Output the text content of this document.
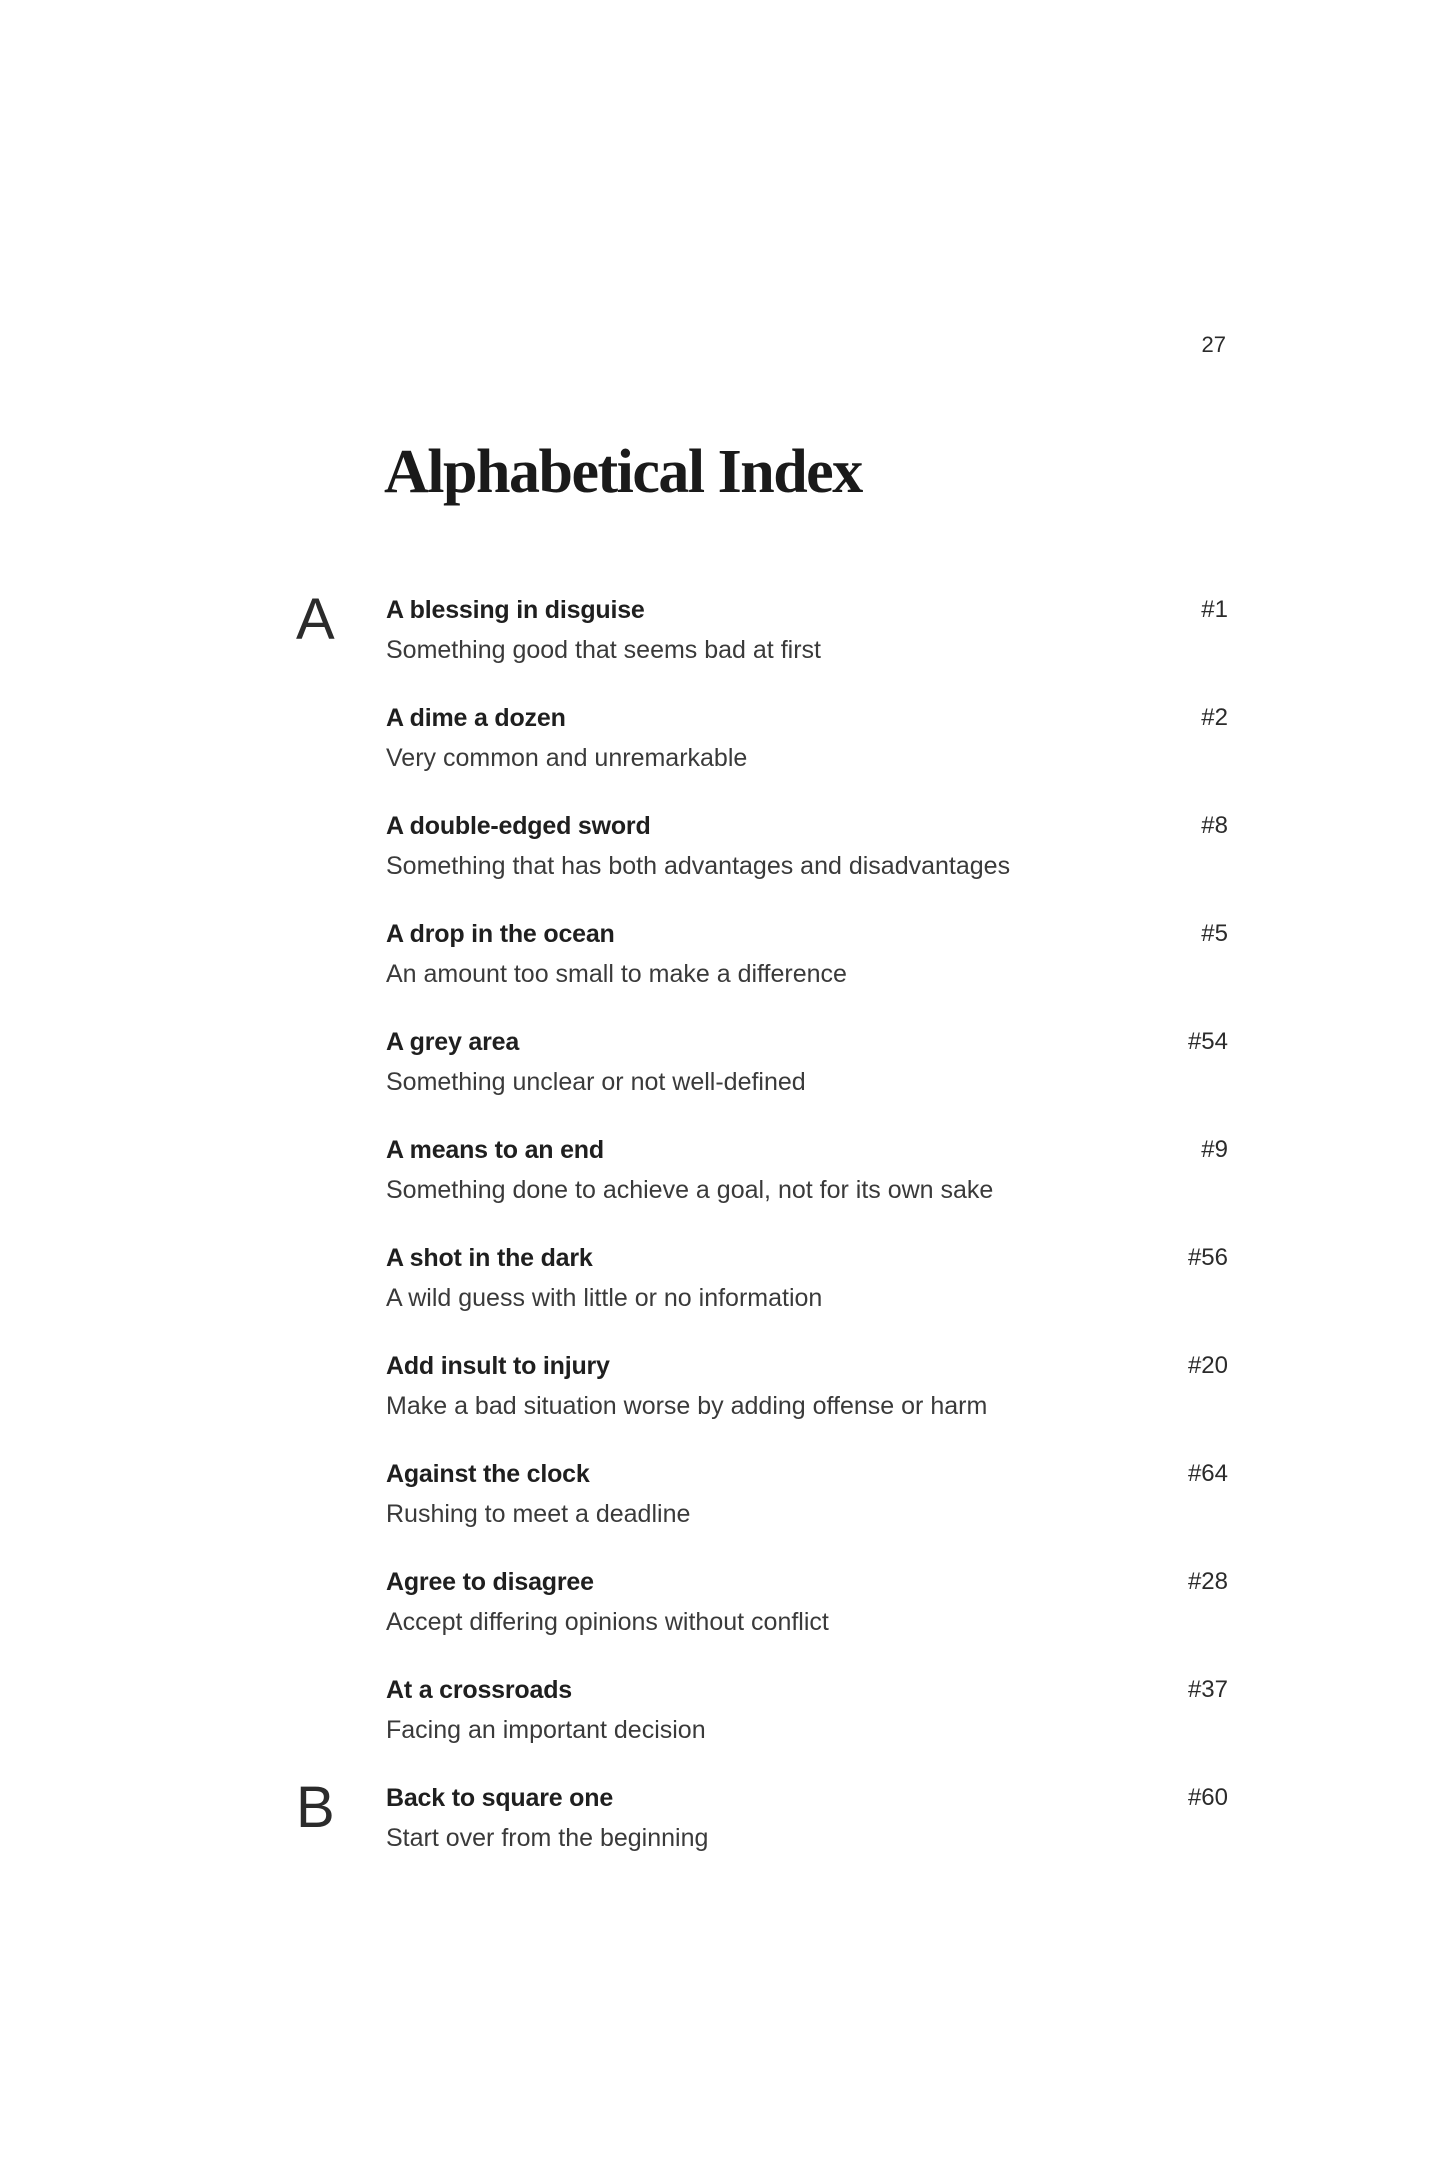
27
Alphabetical Index
A	A blessing in disguise
Something good that seems bad at first
#1
A dime a dozen
Very common and unremarkable
#2
A double-edged sword
Something that has both advantages and disadvantages
#8
A drop in the ocean
An amount too small to make a difference
#5
A grey area
Something unclear or not well-defined
#54
A means to an end
Something done to achieve a goal, not for its own sake
#9
A shot in the dark
A wild guess with little or no information
#56
Add insult to injury
Make a bad situation worse by adding offense or harm
#20
Against the clock
Rushing to meet a deadline
#64
Agree to disagree
Accept differing opinions without conflict
#28
At a crossroads
Facing an important decision
#37
B	Back to square one
Start over from the beginning
#60
